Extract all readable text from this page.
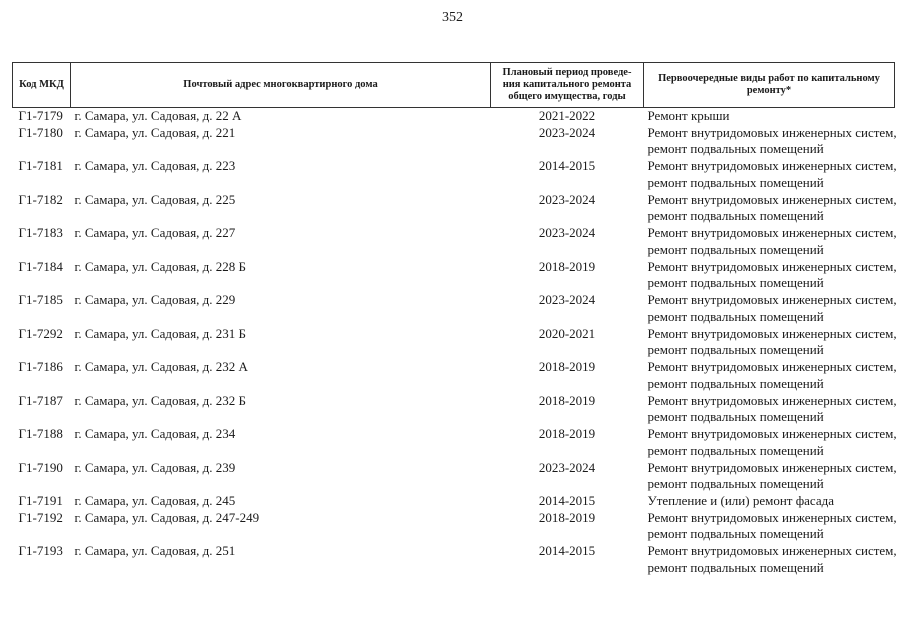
352
Код МКД	Почтовый адрес многоквартирного дома	Плановый период проведе- ния капитального ремонта общего имущества, годы	Первоочередные виды работ по капитальному ремонту*
Г1-7179	г. Самара, ул. Садовая, д. 22 А	2021-2022	Ремонт крыши

Г1-7180	г. Самара, ул. Садовая, д. 221	2023-2024	Ремонт внутридомовых инженерных систем,
ремонт подвальных помещений

Г1-7181	г. Самара, ул. Садовая, д. 223	2014-2015	Ремонт внутридомовых инженерных систем,
ремонт подвальных помещений

Г1-7182	г. Самара, ул. Садовая, д. 225	2023-2024	Ремонт внутридомовых инженерных систем,
ремонт подвальных помещений

Г1-7183	г. Самара, ул. Садовая, д. 227	2023-2024	Ремонт внутридомовых инженерных систем,
ремонт подвальных помещений

Г1-7184	г. Самара, ул. Садовая, д. 228 Б	2018-2019	Ремонт внутридомовых инженерных систем,
ремонт подвальных помещений

Г1-7185	г. Самара, ул. Садовая, д. 229	2023-2024	Ремонт внутридомовых инженерных систем,
ремонт подвальных помещений

Г1-7292	г. Самара, ул. Садовая, д. 231 Б	2020-2021	Ремонт внутридомовых инженерных систем,
ремонт подвальных помещений

Г1-7186	г. Самара, ул. Садовая, д. 232 А	2018-2019	Ремонт внутридомовых инженерных систем,
ремонт подвальных помещений

Г1-7187	г. Самара, ул. Садовая, д. 232 Б	2018-2019	Ремонт внутридомовых инженерных систем,
ремонт подвальных помещений

Г1-7188	г. Самара, ул. Садовая, д. 234	2018-2019	Ремонт внутридомовых инженерных систем,
ремонт подвальных помещений

Г1-7190	г. Самара, ул. Садовая, д. 239	2023-2024	Ремонт внутридомовых инженерных систем,
ремонт подвальных помещений

Г1-7191	г. Самара, ул. Садовая, д. 245	2014-2015	Утепление и (или) ремонт фасада

Г1-7192	г. Самара, ул. Садовая, д. 247-249	2018-2019	Ремонт внутридомовых инженерных систем,
ремонт подвальных помещений

Г1-7193	г. Самара, ул. Садовая, д. 251	2014-2015	Ремонт внутридомовых инженерных систем,
ремонт подвальных помещений
